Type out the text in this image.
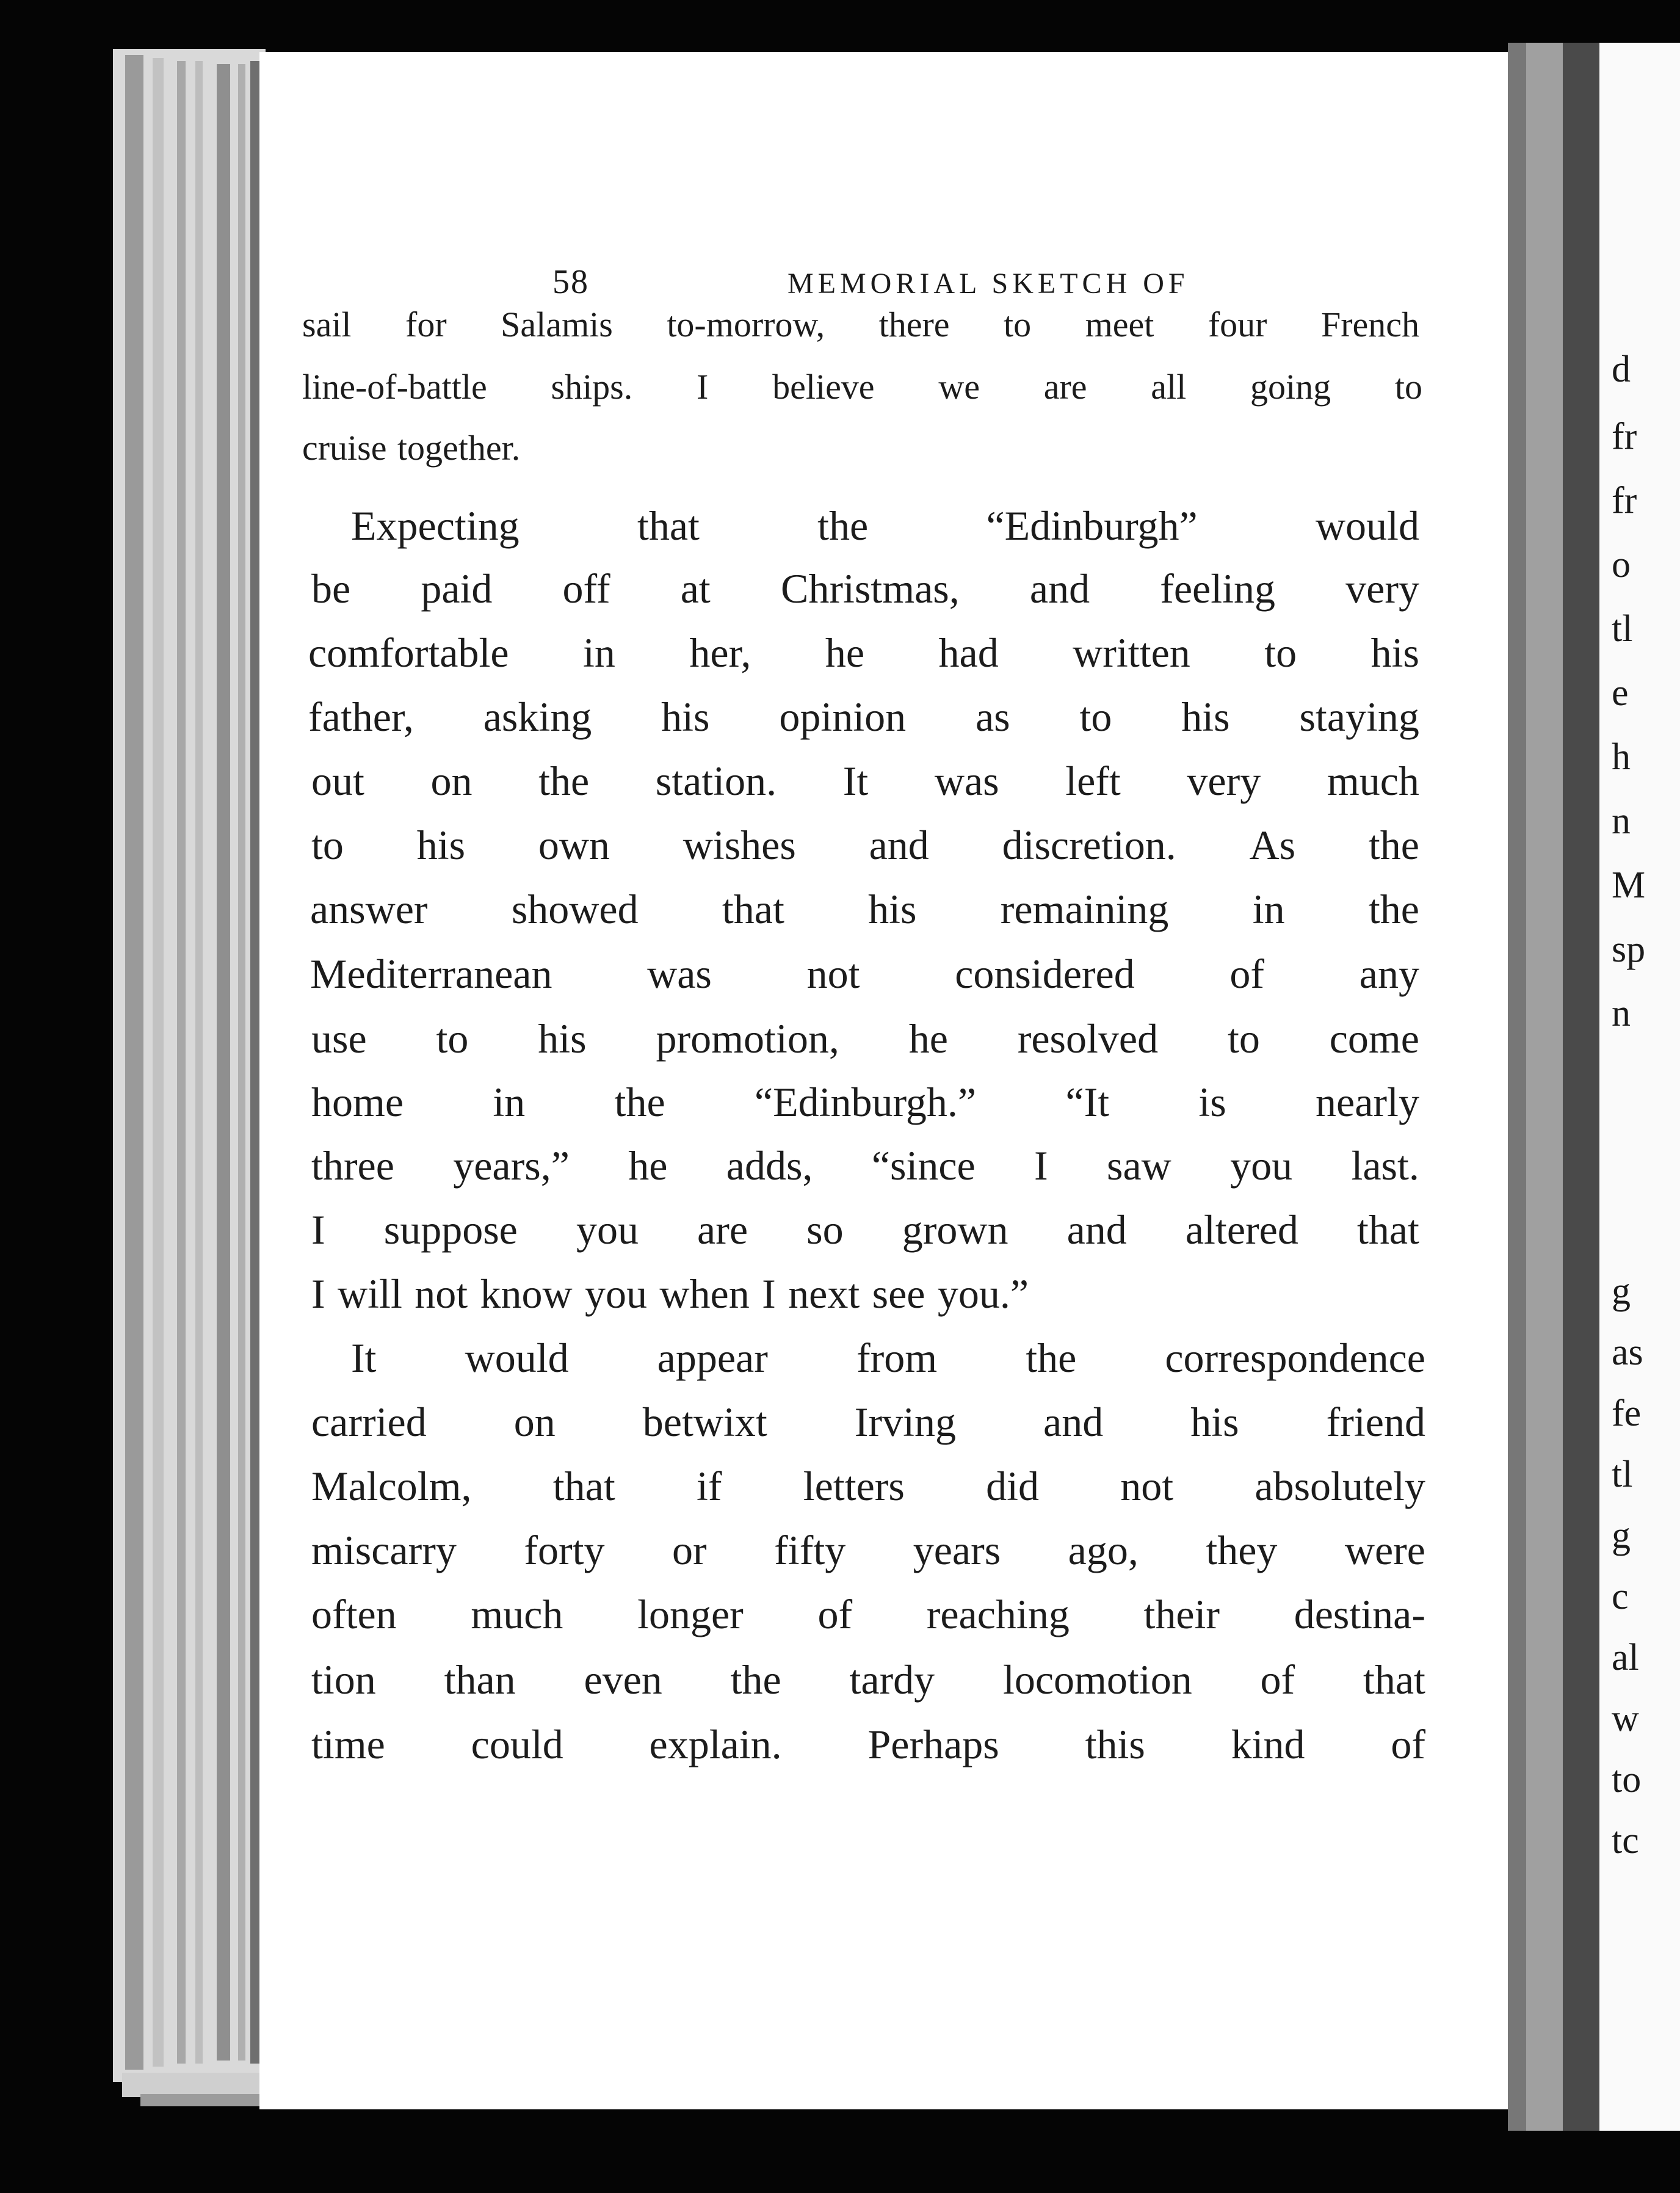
58	MEMORIAL SKETCH OF
sail for Salamis to-morrow, there to meet four French
line-of-battle ships. I believe we are all going to
cruise together.
Expecting	that	the	“Edinburgh”	would
be paid off at Christmas, and feeling very
comfortable in her, he had written to his
father, asking his opinion as to his staying
out on the station. It was left very much
to his own wishes and discretion. As the
answer showed that his remaining in the
Mediterranean was not considered of any
use to his promotion, he resolved to come
home in the “Edinburgh.” “It is nearly
three years,” he adds, “since I saw you last.
I suppose you are so grown and altered that
I will not know you when I next see you.”
It would appear from the correspondence
carried on betwixt Irving and his friend
Malcolm, that if letters did not absolutely
miscarry forty or fifty years ago, they were
often much longer of reaching their destina-
tion than even the tardy locomotion of that
time could explain. Perhaps this kind of
d
fr
fr
o
tl
e
h
n
M
sp
n
g
as
fe
tl
g
c
al
w
to
tc
